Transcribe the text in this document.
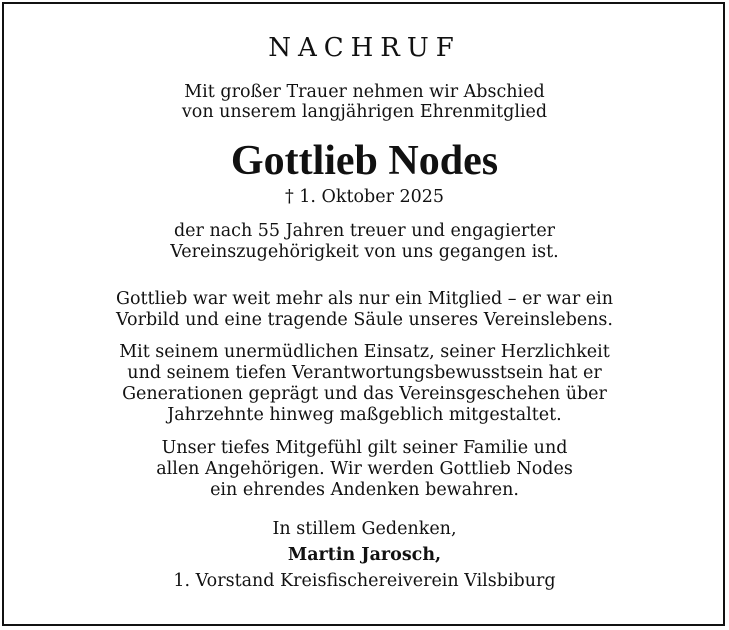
NACHRUF
Mit großer Trauer nehmen wir Abschied
von unserem langjährigen Ehrenmitglied
Gottlieb Nodes
† 1. Oktober 2025
der nach 55 Jahren treuer und engagierter
Vereinszugehörigkeit von uns gegangen ist.
Gottlieb war weit mehr als nur ein Mitglied – er war ein
Vorbild und eine tragende Säule unseres Vereinslebens.
Mit seinem unermüdlichen Einsatz, seiner Herzlichkeit
und seinem tiefen Verantwortungsbewusstsein hat er
Generationen geprägt und das Vereinsgeschehen über
Jahrzehnte hinweg maßgeblich mitgestaltet.
Unser tiefes Mitgefühl gilt seiner Familie und
allen Angehörigen. Wir werden Gottlieb Nodes
ein ehrendes Andenken bewahren.
In stillem Gedenken,
Martin Jarosch,
1. Vorstand Kreisfischereiverein Vilsbiburg
